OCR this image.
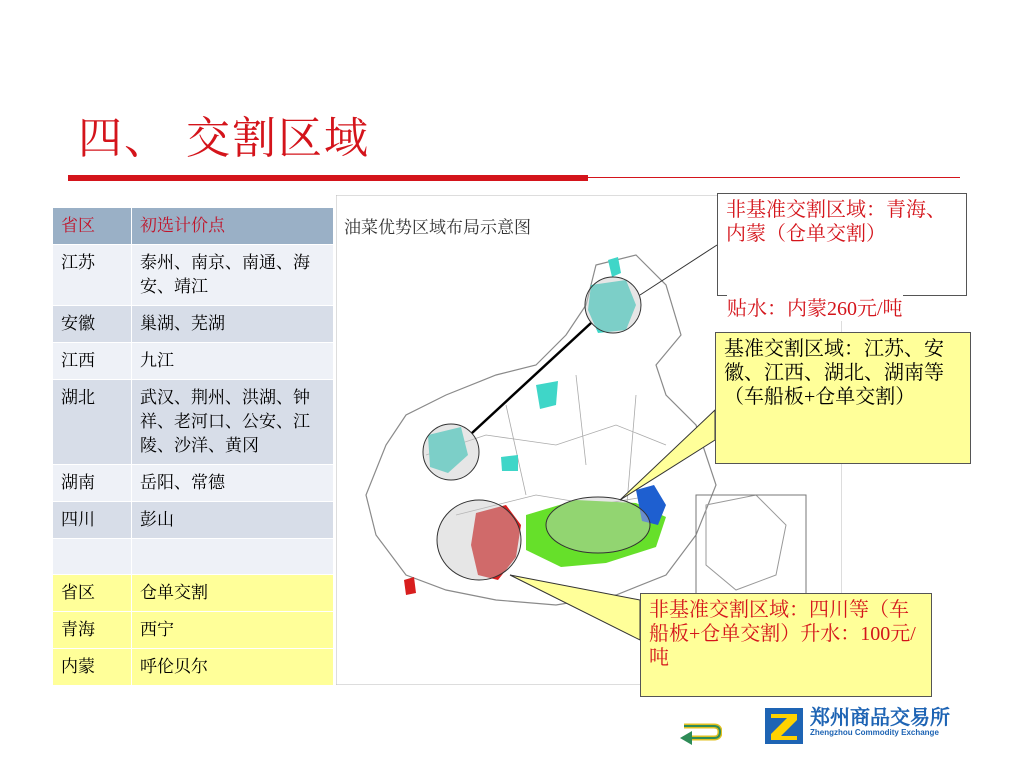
四、 交割区域
省区	初选计价点
江苏	泰州、南京、南通、海安、靖江
安徽	巢湖、芜湖
江西	九江
湖北	武汉、荆州、洪湖、钟祥、老河口、公安、江陵、沙洋、黄冈
湖南	岳阳、常德
四川	彭山

省区	仓单交割
青海	西宁
内蒙	呼伦贝尔
油菜优势区域布局示意图
非基准交割区域：青海、内蒙（仓单交割）
贴水：内蒙260元/吨
基准交割区域：江苏、安徽、江西、湖北、湖南等（车船板+仓单交割）
非基准交割区域：四川等（车船板+仓单交割）升水：100元/吨
郑州商品交易所
Zhengzhou Commodity Exchange
